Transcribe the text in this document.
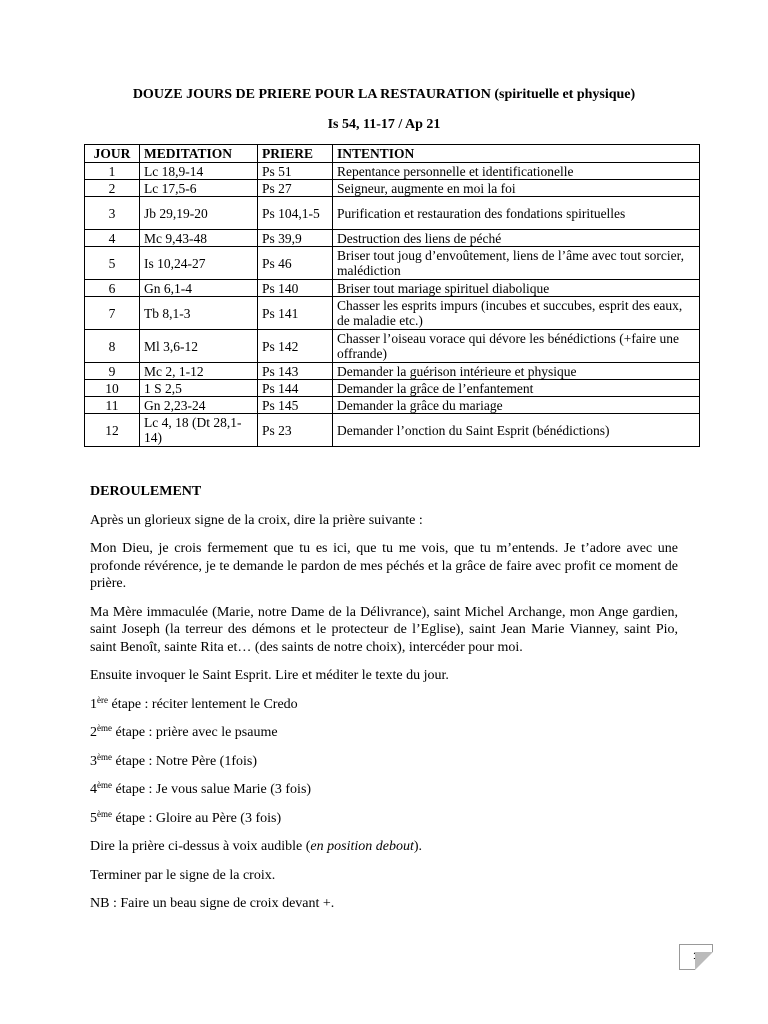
DOUZE JOURS DE PRIERE POUR LA RESTAURATION (spirituelle et physique)
Is 54, 11-17 / Ap 21
JOUR	MEDITATION	PRIERE	INTENTION
1	Lc 18,9-14	Ps 51	Repentance personnelle et identificationelle
2	Lc 17,5-6	Ps 27	Seigneur, augmente en moi la foi
3	Jb 29,19-20	Ps 104,1-5	Purification et restauration des fondations spirituelles
4	Mc 9,43-48	Ps 39,9	Destruction des liens de péché
5	Is 10,24-27	Ps 46	Briser tout joug d’envoûtement, liens de l’âme avec tout sorcier, malédiction
6	Gn 6,1-4	Ps 140	Briser tout mariage spirituel diabolique
7	Tb 8,1-3	Ps 141	Chasser les esprits impurs (incubes et succubes, esprit des eaux, de maladie etc.)
8	Ml 3,6-12	Ps 142	Chasser l’oiseau vorace qui dévore les bénédictions (+faire une offrande)
9	Mc 2, 1-12	Ps 143	Demander la guérison intérieure et physique
10	1 S 2,5	Ps 144	Demander la grâce de l’enfantement
11	Gn 2,23-24	Ps 145	Demander la grâce du mariage
12	Lc 4, 18 (Dt 28,1-14)	Ps 23	Demander l’onction du Saint Esprit (bénédictions)

DEROULEMENT

Après un glorieux signe de la croix, dire la prière suivante :

Mon Dieu, je crois fermement que tu es ici, que tu me vois, que tu m’entends. Je t’adore avec une profonde révérence, je te demande le pardon de mes péchés et la grâce de faire avec profit ce moment de prière.

Ma Mère immaculée (Marie, notre Dame de la Délivrance), saint Michel Archange, mon Ange gardien, saint Joseph (la terreur des démons et le protecteur de l’Eglise), saint Jean Marie Vianney, saint Pio, saint Benoît, sainte Rita et… (des saints de notre choix), intercéder pour moi.

Ensuite invoquer le Saint Esprit. Lire et méditer le texte du jour.

1ère étape : réciter lentement le Credo

2ème étape : prière avec le psaume

3ème étape : Notre Père (1fois)

4ème étape : Je vous salue Marie (3 fois)

5ème étape : Gloire au Père (3 fois)

Dire la prière ci-dessus à voix audible (en position debout).

Terminer par le signe de la croix.

NB : Faire un beau signe de croix devant +.

1
